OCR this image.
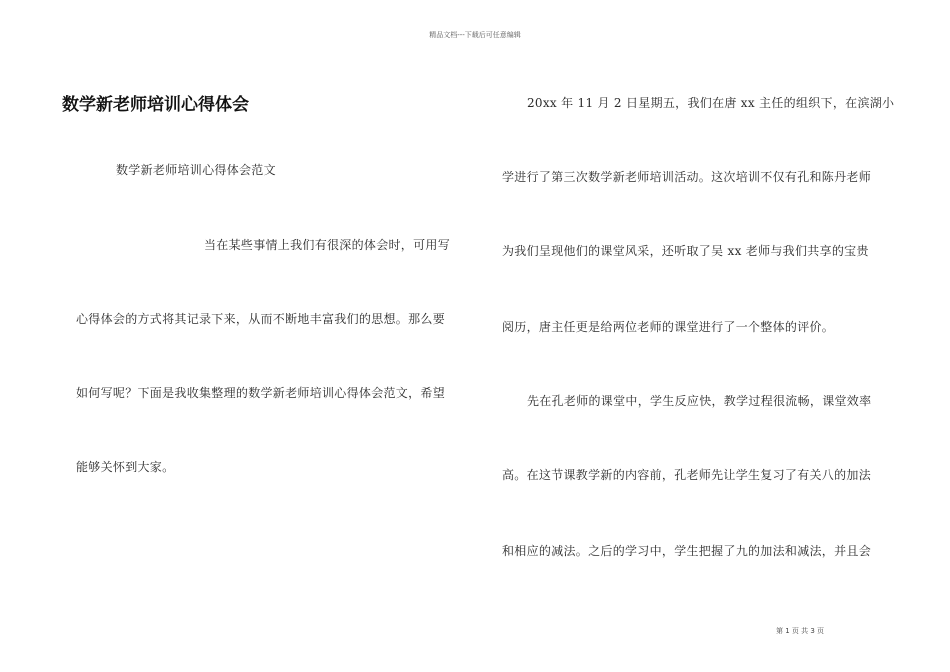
精品文档---下载后可任意编辑
数学新老师培训心得体会
数学新老师培训心得体会范文
当在某些事情上我们有很深的体会时，可用写
心得体会的方式将其记录下来，从而不断地丰富我们的思想。那么要
如何写呢？下面是我收集整理的数学新老师培训心得体会范文，希望
能够关怀到大家。
20xx 年 11 月 2 日星期五，我们在唐 xx 主任的组织下，在滨湖小
学进行了第三次数学新老师培训活动。这次培训不仅有孔和陈丹老师
为我们呈现他们的课堂风采，还听取了吴 xx 老师与我们共享的宝贵
阅历，唐主任更是给两位老师的课堂进行了一个整体的评价。
先在孔老师的课堂中，学生反应快，教学过程很流畅，课堂效率
高。在这节课教学新的内容前，孔老师先让学生复习了有关八的加法
和相应的减法。之后的学习中，学生把握了九的加法和减法，并且会
第 1 页 共 3 页
